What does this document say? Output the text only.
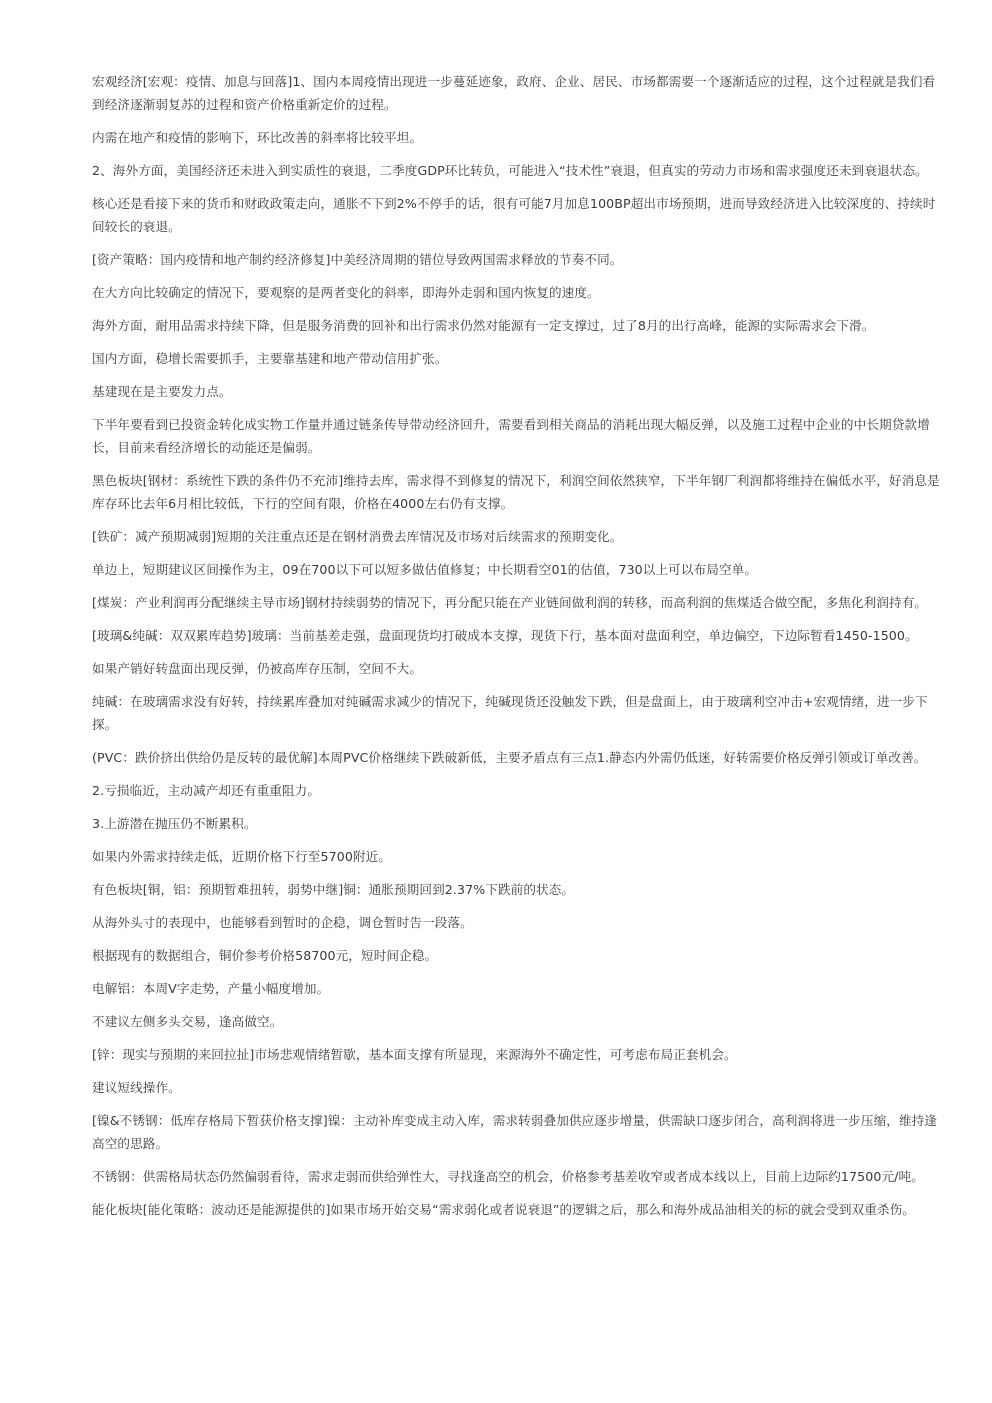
宏观经济[宏观：疫情、加息与回落]1、国内本周疫情出现进一步蔓延迹象，政府、企业、居民、市场都需要一个逐渐适应的过程，这个过程就是我们看到经济逐渐弱复苏的过程和资产价格重新定价的过程。

内需在地产和疫情的影响下，环比改善的斜率将比较平坦。

2、海外方面，美国经济还未进入到实质性的衰退，二季度GDP环比转负，可能进入“技术性”衰退，但真实的劳动力市场和需求强度还未到衰退状态。

核心还是看接下来的货币和财政政策走向，通胀不下到2%不停手的话，很有可能7月加息100BP超出市场预期，进而导致经济进入比较深度的、持续时间较长的衰退。

[资产策略：国内疫情和地产制约经济修复]中美经济周期的错位导致两国需求释放的节奏不同。

在大方向比较确定的情况下，要观察的是两者变化的斜率，即海外走弱和国内恢复的速度。

海外方面，耐用品需求持续下降，但是服务消费的回补和出行需求仍然对能源有一定支撑过，过了8月的出行高峰，能源的实际需求会下滑。

国内方面，稳增长需要抓手，主要靠基建和地产带动信用扩张。

基建现在是主要发力点。

下半年要看到已投资金转化成实物工作量并通过链条传导带动经济回升，需要看到相关商品的消耗出现大幅反弹，以及施工过程中企业的中长期贷款增长，目前来看经济增长的动能还是偏弱。

黑色板块[钢材：系统性下跌的条件仍不充沛]维持去库，需求得不到修复的情况下，利润空间依然狭窄，下半年钢厂利润都将维持在偏低水平，好消息是库存环比去年6月相比较低，下行的空间有限，价格在4000左右仍有支撑。

[铁矿：减产预期减弱]短期的关注重点还是在钢材消费去库情况及市场对后续需求的预期变化。

单边上，短期建议区间操作为主，09在700以下可以短多做估值修复；中长期看空01的估值，730以上可以布局空单。

[煤炭：产业利润再分配继续主导市场]钢材持续弱势的情况下，再分配只能在产业链间做利润的转移，而高利润的焦煤适合做空配，多焦化利润持有。

[玻璃&纯碱：双双累库趋势]玻璃：当前基差走强，盘面现货均打破成本支撑，现货下行，基本面对盘面利空，单边偏空，下边际暂看1450-1500。

如果产销好转盘面出现反弹，仍被高库存压制，空间不大。

纯碱：在玻璃需求没有好转，持续累库叠加对纯碱需求减少的情况下，纯碱现货还没触发下跌，但是盘面上，由于玻璃利空冲击+宏观情绪，进一步下探。

(PVC：跌价挤出供给仍是反转的最优解]本周PVC价格继续下跌破新低，主要矛盾点有三点1.静态内外需仍低迷，好转需要价格反弹引领或订单改善。

2.亏损临近，主动减产却还有重重阻力。

3.上游潜在抛压仍不断累积。

如果内外需求持续走低，近期价格下行至5700附近。

有色板块[铜，铝：预期暂难扭转，弱势中继]铜：通胀预期回到2.37%下跌前的状态。

从海外头寸的表现中，也能够看到暂时的企稳，调仓暂时告一段落。

根据现有的数据组合，铜价参考价格58700元，短时间企稳。

电解铝：本周V字走势，产量小幅度增加。

不建议左侧多头交易，逢高做空。

[锌：现实与预期的来回拉扯]市场悲观情绪暂歇，基本面支撑有所显现，来源海外不确定性，可考虑布局正套机会。

建议短线操作。

[镍&不锈钢：低库存格局下暂获价格支撑]镍：主动补库变成主动入库，需求转弱叠加供应逐步增量，供需缺口逐步闭合，高利润将进一步压缩，维持逢高空的思路。

不锈钢：供需格局状态仍然偏弱看待，需求走弱而供给弹性大，寻找逢高空的机会，价格参考基差收窄或者成本线以上，目前上边际约17500元/吨。

能化板块[能化策略：波动还是能源提供的]如果市场开始交易“需求弱化或者说衰退”的逻辑之后，那么和海外成品油相关的标的就会受到双重杀伤。
